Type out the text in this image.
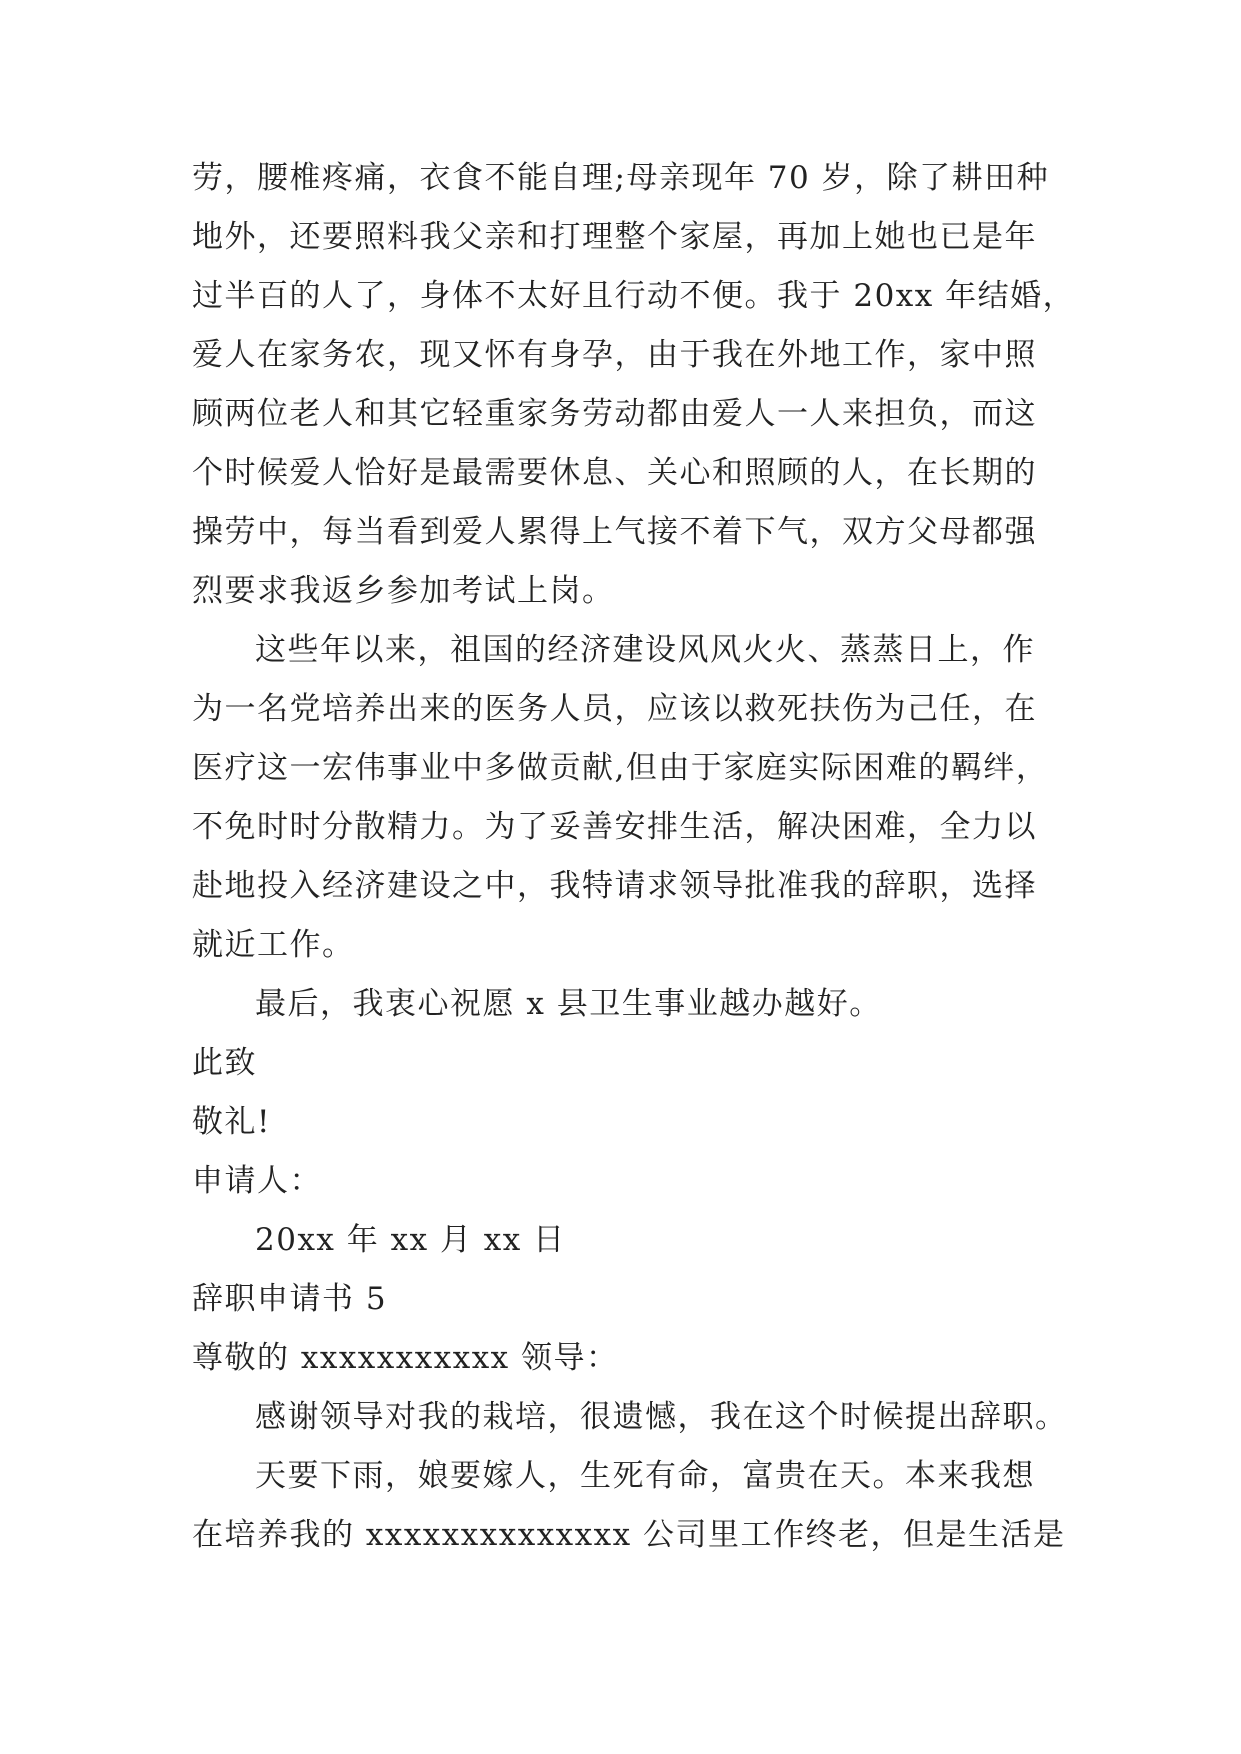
劳，腰椎疼痛，衣食不能自理;母亲现年 70 岁，除了耕田种
地外，还要照料我父亲和打理整个家屋，再加上她也已是年
过半百的人了，身体不太好且行动不便。我于 20xx 年结婚，
爱人在家务农，现又怀有身孕，由于我在外地工作，家中照
顾两位老人和其它轻重家务劳动都由爱人一人来担负，而这
个时候爱人恰好是最需要休息、关心和照顾的人，在长期的
操劳中，每当看到爱人累得上气接不着下气，双方父母都强
烈要求我返乡参加考试上岗。
这些年以来，祖国的经济建设风风火火、蒸蒸日上，作
为一名党培养出来的医务人员，应该以救死扶伤为己任，在
医疗这一宏伟事业中多做贡献,但由于家庭实际困难的羁绊，
不免时时分散精力。为了妥善安排生活，解决困难，全力以
赴地投入经济建设之中，我特请求领导批准我的辞职，选择
就近工作。
最后，我衷心祝愿 x 县卫生事业越办越好。
此致
敬礼!
申请人：
20xx 年 xx 月 xx 日
辞职申请书 5
尊敬的 xxxxxxxxxxx 领导：
感谢领导对我的栽培，很遗憾，我在这个时候提出辞职。
天要下雨，娘要嫁人，生死有命，富贵在天。本来我想
在培养我的 xxxxxxxxxxxxxx 公司里工作终老，但是生活是
